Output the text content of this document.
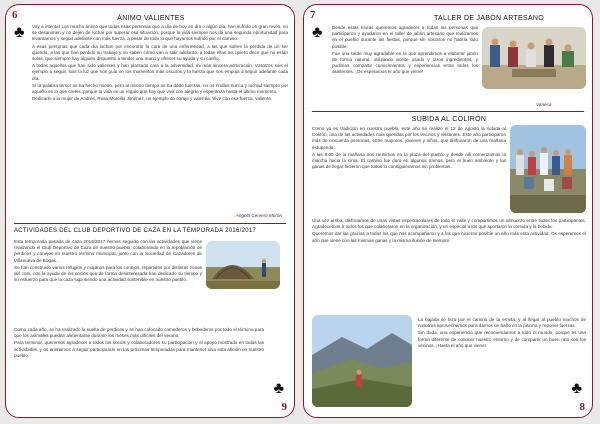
6
♣
ÁNIMO VALIENTES

Voy a intentar con mucho ánimo que todas esas personas que a día de hoy en día o algún día, han sufrido un gran revés, no se desanimen y no dejen de luchar por superar esa situación, porque la vida siempre nos da una segunda oportunidad para levantarnos y seguir adelante con más fuerza, a pesar de todo lo que hayamos sufrido por el camino.

A esas personas que cada día luchan por encontrar la cura de una enfermedad, a las que sufren la pérdida de un ser querido, a las que han perdido su trabajo y no saben cómo van a salir adelante, a todas ellas les quiero decir que no están solas, que siempre hay alguien dispuesto a tender una mano y ofrecer su ayuda y su cariño.

A todos aquellos que han sido valientes y han plantado cara a la adversidad, mi más sincera admiración. Vosotros sois el ejemplo a seguir, sois la luz que nos guía en los momentos más oscuros y la fuerza que nos empuja a seguir adelante cada día.

Si la palabra temor os ha hecho miedo, pero al mismo tiempo os ha dado fuerzas, no os rindáis nunca y luchad siempre por aquello en lo que creéis, porque la vida es un regalo que hay que vivir con alegría y esperanza hasta el último momento.

Dedicado a la mujer de Andrés, Rosa Morcillo Jiménez, un ejemplo de coraje y valentía. Vive con esa fuerza, valiente.

Angela Cervera Morón
ACTIVIDADES DEL CLUB DEPORTIVO DE CAZA EN LA TEMPORADA 2016/2017

Esta temporada pasada de caza 2016/2017 hemos seguido con las actividades que viene realizando el Club Deportivo de Caza de nuestro pueblo, colaborando en la repoblación de perdices y conejos en nuestro término municipal, junto con la Sociedad de Cazadores de Villanueva de Bogas.

Se han construido varios refugios y majanos para los conejos, repartidos por distintas zonas del coto, con la ayuda de los socios que de forma desinteresada han dedicado su tiempo y su esfuerzo para que la caza siga siendo una actividad sostenible en nuestro pueblo.

Como cada año, se ha realizado la suelta de perdices y se han colocado comederos y bebederos por todo el término para que los animales puedan alimentarse durante los meses más difíciles del verano.

Para terminar, queremos agradecer a todos los socios y colaboradores su participación y el apoyo mostrado en todas las actividades, y os animamos a seguir participando en las próximas temporadas para mantener viva esta afición en nuestro pueblo.

♣
9
7
♣
TALLER DE JABÓN ARTESANO

Desde estas líneas queremos agradecer a todas las personas que participaron y ayudaron en el taller de jabón artesano que realizamos en el pueblo durante las fiestas, porque sin vosotros no habría sido posible.

Fue una tarde muy agradable en la que aprendimos a elaborar jabón de forma natural, utilizando aceite usado y otros ingredientes, y pudimos compartir conocimientos y experiencias entre todos los asistentes. ¡Os esperamos el año que viene!

Vanesa
SUBIDA AL COLIRÓN

Como ya es tradición en nuestro pueblo, este año se realizó el 13 de Agosto la subida al Colirón, una de las actividades más queridas por los vecinos y visitantes. Este año participaron más de cincuenta personas, entre mayores, jóvenes y niños, que disfrutaron de una mañana estupenda.

A las 8:00 de la mañana nos reunimos en la plaza del pueblo y desde allí comenzamos la marcha hacia la cima. El camino fue duro en algunos tramos, pero el buen ambiente y las ganas de llegar hicieron que todos lo consiguiéramos sin problemas.

Una vez arriba, disfrutamos de unas vistas espectaculares de todo el valle y compartimos un almuerzo entre todos los participantes. Agradecemos a todos los que colaboraron en la organización, y en especial a los que aportaron la comida y la bebida.

Queremos dar las gracias a todos los que nos acompañaron y a los que hicieron posible un año más esta actividad. Os esperamos el año que viene con las mismas ganas y la misma ilusión de siempre.

La bajada se hizo por el camino de la ermita, y al llegar al pueblo muchos de nosotros aprovechamos para darnos un baño en la piscina y reponer fuerzas.

Sin duda, una experiencia que recomendamos a todo el mundo, porque es una forma diferente de conocer nuestro entorno y de compartir un buen rato con los vecinos. ¡Hasta el año que viene!

♣
8
